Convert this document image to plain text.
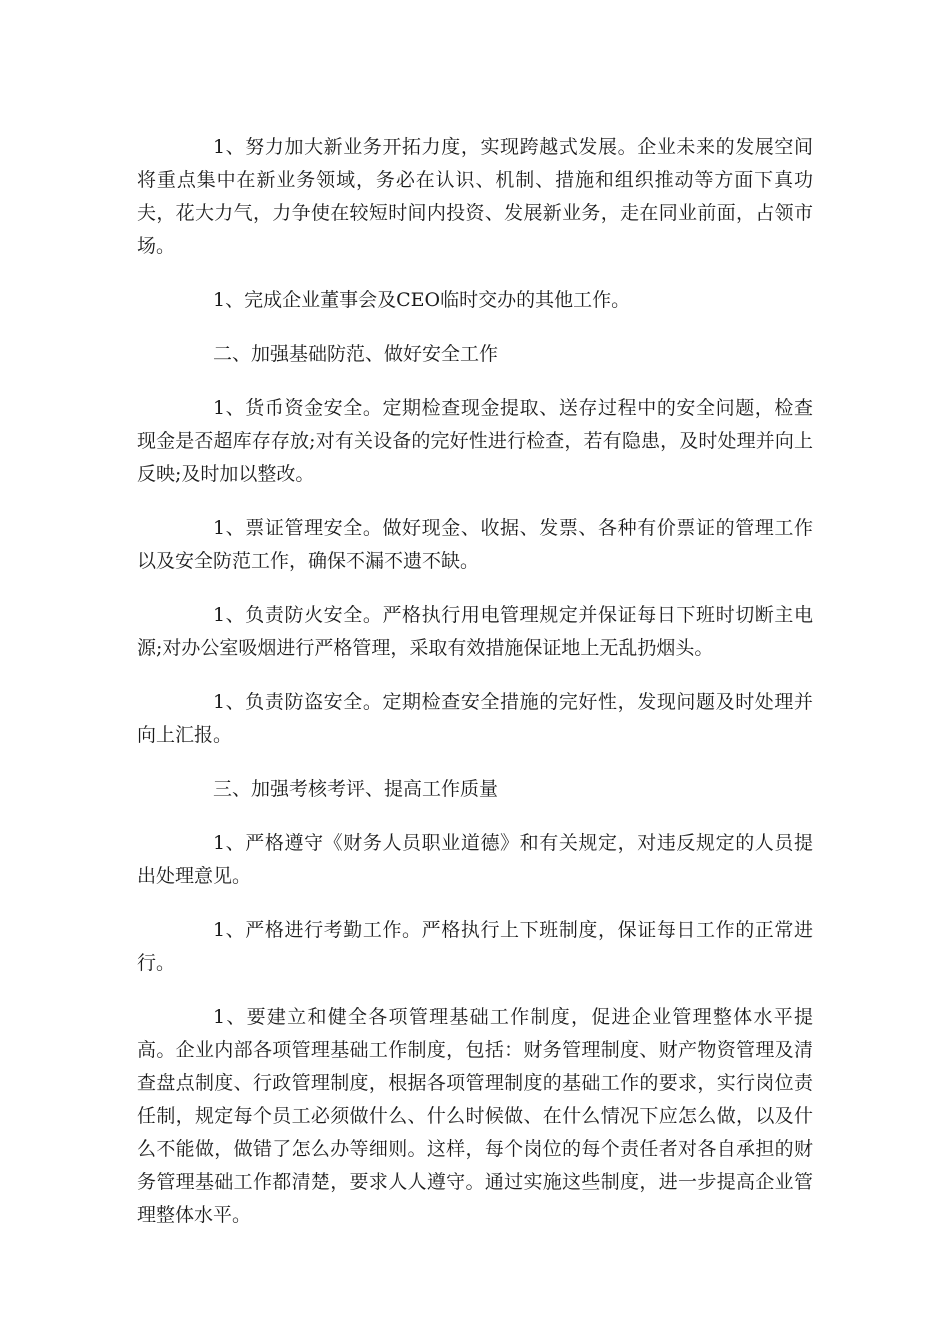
1、努力加大新业务开拓力度，实现跨越式发展。企业未来的发展空间将重点集中在新业务领域，务必在认识、机制、措施和组织推动等方面下真功夫，花大力气，力争使在较短时间内投资、发展新业务，走在同业前面，占领市场。

1、完成企业董事会及CEO临时交办的其他工作。

二、加强基础防范、做好安全工作

1、货币资金安全。定期检查现金提取、送存过程中的安全问题，检查现金是否超库存存放;对有关设备的完好性进行检查，若有隐患，及时处理并向上反映;及时加以整改。

1、票证管理安全。做好现金、收据、发票、各种有价票证的管理工作以及安全防范工作，确保不漏不遗不缺。

1、负责防火安全。严格执行用电管理规定并保证每日下班时切断主电源;对办公室吸烟进行严格管理，采取有效措施保证地上无乱扔烟头。

1、负责防盗安全。定期检查安全措施的完好性，发现问题及时处理并向上汇报。

三、加强考核考评、提高工作质量

1、严格遵守《财务人员职业道德》和有关规定，对违反规定的人员提出处理意见。

1、严格进行考勤工作。严格执行上下班制度，保证每日工作的正常进行。

1、要建立和健全各项管理基础工作制度，促进企业管理整体水平提高。企业内部各项管理基础工作制度，包括：财务管理制度、财产物资管理及清查盘点制度、行政管理制度，根据各项管理制度的基础工作的要求，实行岗位责任制，规定每个员工必须做什么、什么时候做、在什么情况下应怎么做，以及什么不能做，做错了怎么办等细则。这样，每个岗位的每个责任者对各自承担的财务管理基础工作都清楚，要求人人遵守。通过实施这些制度，进一步提高企业管理整体水平。
